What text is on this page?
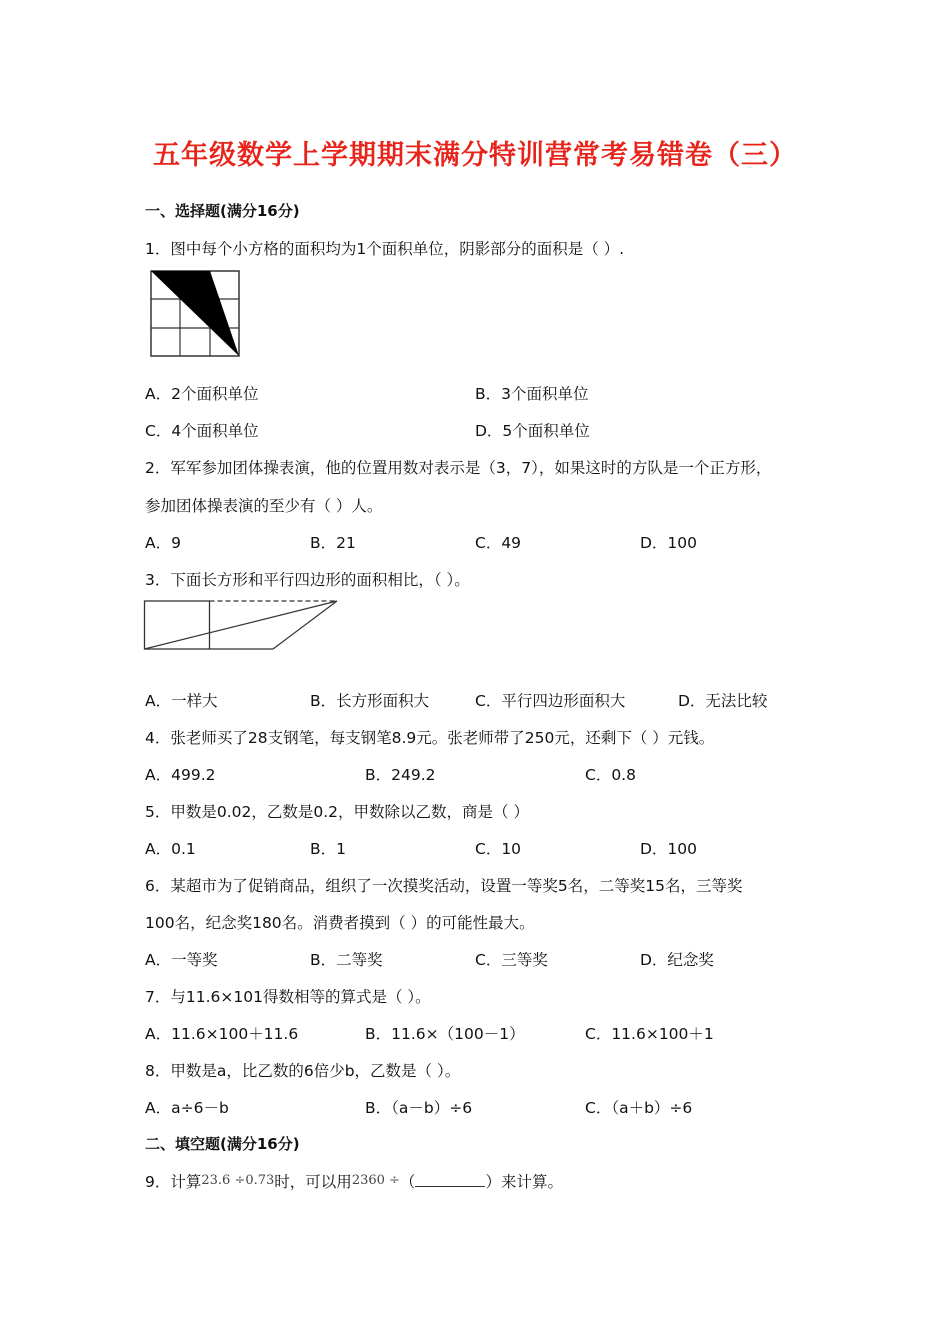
五年级数学上学期期末满分特训营常考易错卷（三）
一、选择题(满分16分)
1．图中每个小方格的面积均为1个面积单位，阴影部分的面积是（ ）.
A．2个面积单位	B．3个面积单位
C．4个面积单位	D．5个面积单位
2．军军参加团体操表演，他的位置用数对表示是（3，7），如果这时的方队是一个正方形，
参加团体操表演的至少有（ ）人。
A．9	B．21	C．49	D．100
3．下面长方形和平行四边形的面积相比，（ ）。
A．一样大	B．长方形面积大	C．平行四边形面积大	D．无法比较
4．张老师买了28支钢笔，每支钢笔8.9元。张老师带了250元，还剩下（ ）元钱。
A．499.2	B．249.2	C．0.8
5．甲数是0.02，乙数是0.2，甲数除以乙数，商是（ ）
A．0.1	B．1	C．10	D．100
6．某超市为了促销商品，组织了一次摸奖活动，设置一等奖5名，二等奖15名，三等奖
100名，纪念奖180名。消费者摸到（ ）的可能性最大。
A．一等奖	B．二等奖	C．三等奖	D．纪念奖
7．与11.6×101得数相等的算式是（ ）。
A．11.6×100＋11.6	B．11.6×（100－1）	C．11.6×100＋1
8．甲数是a，比乙数的6倍少b，乙数是（ ）。
A．a÷6－b	B．（a－b）÷6	C．（a＋b）÷6
二、填空题(满分16分)
9．计算23.6 ÷0.73时，可以用2360 ÷（	）来计算。
